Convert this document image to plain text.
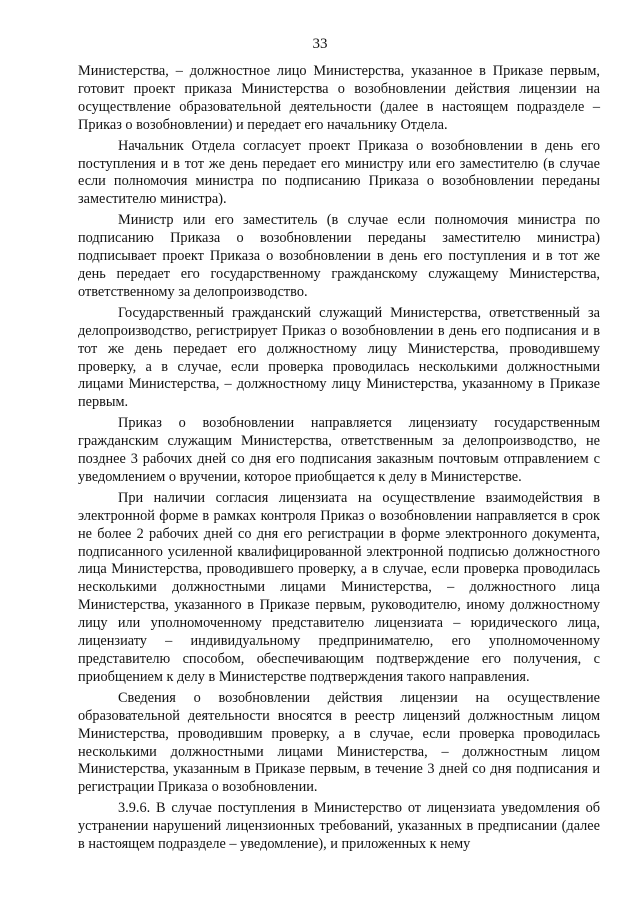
33

Министерства, – должностное лицо Министерства, указанное в Приказе первым, готовит проект приказа Министерства о возобновлении действия лицензии на осуществление образовательной деятельности (далее в настоящем подразделе – Приказ о возобновлении) и передает его начальнику Отдела.

Начальник Отдела согласует проект Приказа о возобновлении в день его поступления и в тот же день передает его министру или его заместителю (в случае если полномочия министра по подписанию Приказа о возобновлении переданы заместителю министра).

Министр или его заместитель (в случае если полномочия министра по подписанию Приказа о возобновлении переданы заместителю министра) подписывает проект Приказа о возобновлении в день его поступления и в тот же день передает его государственному гражданскому служащему Министерства, ответственному за делопроизводство.

Государственный гражданский служащий Министерства, ответственный за делопроизводство, регистрирует Приказ о возобновлении в день его подписания и в тот же день передает его должностному лицу Министерства, проводившему проверку, а в случае, если проверка проводилась несколькими должностными лицами Министерства, – должностному лицу Министерства, указанному в Приказе первым.

Приказ о возобновлении направляется лицензиату государственным гражданским служащим Министерства, ответственным за делопроизводство, не позднее 3 рабочих дней со дня его подписания заказным почтовым отправлением с уведомлением о вручении, которое приобщается к делу в Министерстве.

При наличии согласия лицензиата на осуществление взаимодействия в электронной форме в рамках контроля Приказ о возобновлении направляется в срок не более 2 рабочих дней со дня его регистрации в форме электронного документа, подписанного усиленной квалифицированной электронной подписью должностного лица Министерства, проводившего проверку, а в случае, если проверка проводилась несколькими должностными лицами Министерства, – должностного лица Министерства, указанного в Приказе первым, руководителю, иному должностному лицу или уполномоченному представителю лицензиата – юридического лица, лицензиату – индивидуальному предпринимателю, его уполномоченному представителю способом, обеспечивающим подтверждение его получения, с приобщением к делу в Министерстве подтверждения такого направления.

Сведения о возобновлении действия лицензии на осуществление образовательной деятельности вносятся в реестр лицензий должностным лицом Министерства, проводившим проверку, а в случае, если проверка проводилась несколькими должностными лицами Министерства, – должностным лицом Министерства, указанным в Приказе первым, в течение 3 дней со дня подписания и регистрации Приказа о возобновлении.

3.9.6. В случае поступления в Министерство от лицензиата уведомления об устранении нарушений лицензионных требований, указанных в предписании (далее в настоящем подразделе – уведомление), и приложенных к нему
